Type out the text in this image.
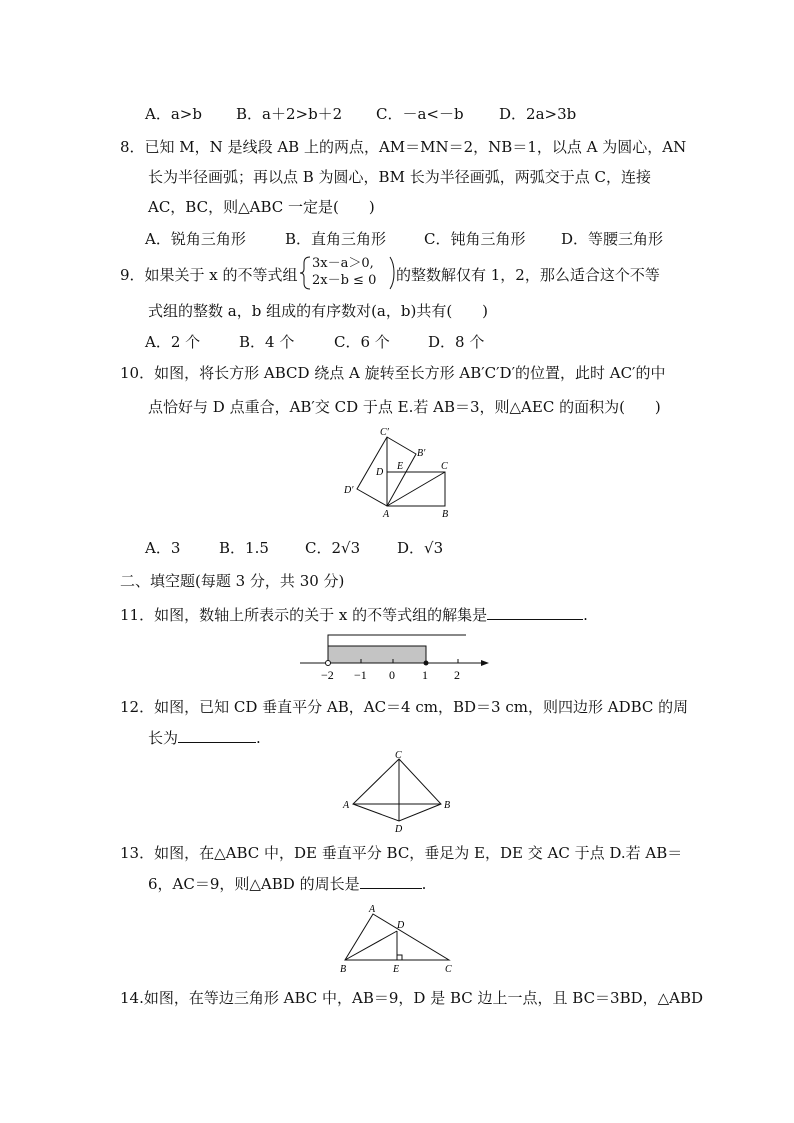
A．a>b B．a＋2>b＋2 C．－a<－b D．2a>3b
8．已知 M，N 是线段 AB 上的两点，AM＝MN＝2，NB＝1，以点 A 为圆心，AN
长为半径画弧；再以点 B 为圆心，BM 长为半径画弧，两弧交于点 C，连接
AC，BC，则△ABC 一定是(　　)
A．锐角三角形	B．直角三角形	C．钝角三角形 D．等腰三角形
9．如果关于 x 的不等式组
3x－a＞0,
2x－b ≤ 0 的整数解仅有 1，2，那么适合这个不等
式组的整数 a，b 组成的有序数对(a，b)共有(　　)
A．2 个	B．4 个	C．6 个	D．8 个
10．如图，将长方形 ABCD 绕点 A 旋转至长方形 AB′C′D′的位置，此时 AC′的中
点恰好与 D 点重合，AB′交 CD 于点 E.若 AB＝3，则△AEC 的面积为(　　)
C′
B′
D
E	C
D′
A	B
A．3	B．1.5 C．2√3 D．√3
二、填空题(每题 3 分，共 30 分)
11．如图，数轴上所表示的关于 x 的不等式组的解集是	.
−2 −1 0 1 2
12．如图，已知 CD 垂直平分 AB，AC＝4 cm，BD＝3 cm，则四边形 ADBC 的周
长为	.
C
A	B
D
13．如图，在△ABC 中，DE 垂直平分 BC，垂足为 E，DE 交 AC 于点 D.若 AB＝
6，AC＝9，则△ABD 的周长是	.
A
D
B	E	C
14.如图，在等边三角形 ABC 中，AB＝9，D 是 BC 边上一点，且 BC＝3BD，△ABD
